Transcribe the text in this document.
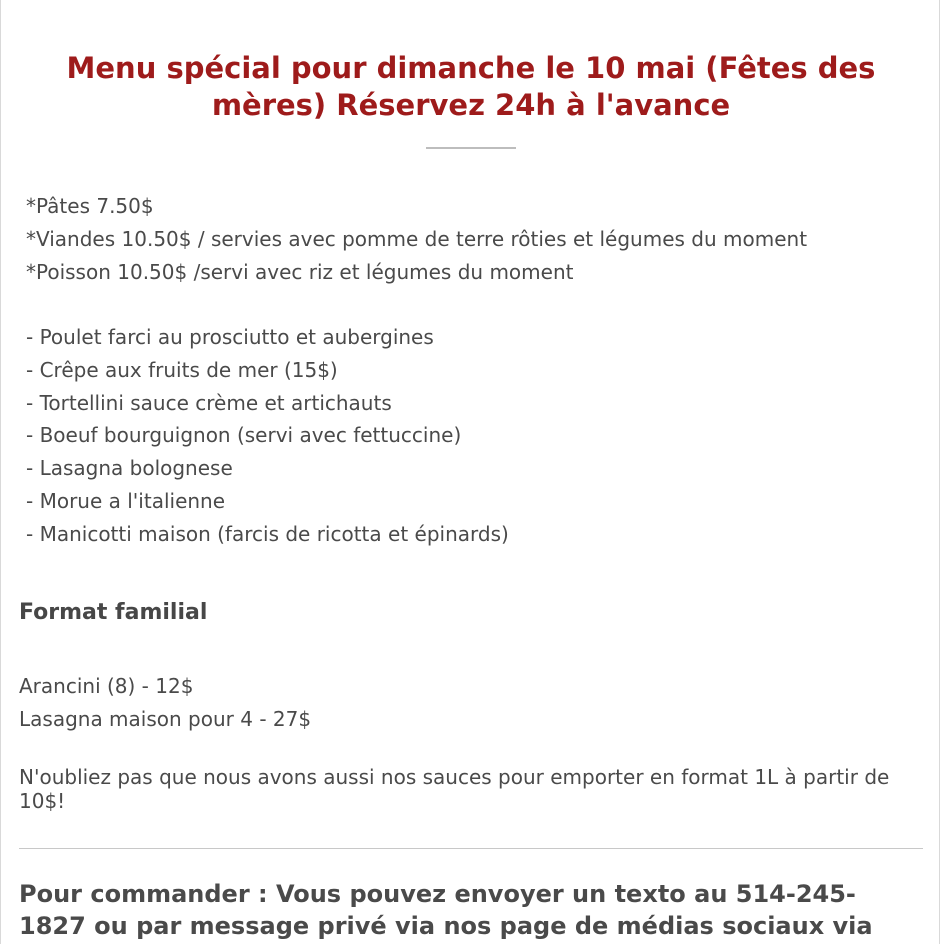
Menu spécial pour dimanche le 10 mai (Fêtes des mères) Réservez 24h à l'avance
*Pâtes 7.50$
*Viandes 10.50$ / servies avec pomme de terre rôties et légumes du moment
*Poisson 10.50$ /servi avec riz et légumes du moment
- Poulet farci au prosciutto et aubergines
- Crêpe aux fruits de mer (15$)
- Tortellini sauce crème et artichauts
- Boeuf bourguignon (servi avec fettuccine)
- Lasagna bolognese
- Morue a l'italienne
- Manicotti maison (farcis de ricotta et épinards)
Format familial
Arancini (8) - 12$
Lasagna maison pour 4 - 27$

N'oubliez pas que nous avons aussi nos sauces pour emporter en format 1L à partir de 10$!

Pour commander : Vous pouvez envoyer un texto au 514-245-1827 ou par message privé via nos page de médias sociaux via
